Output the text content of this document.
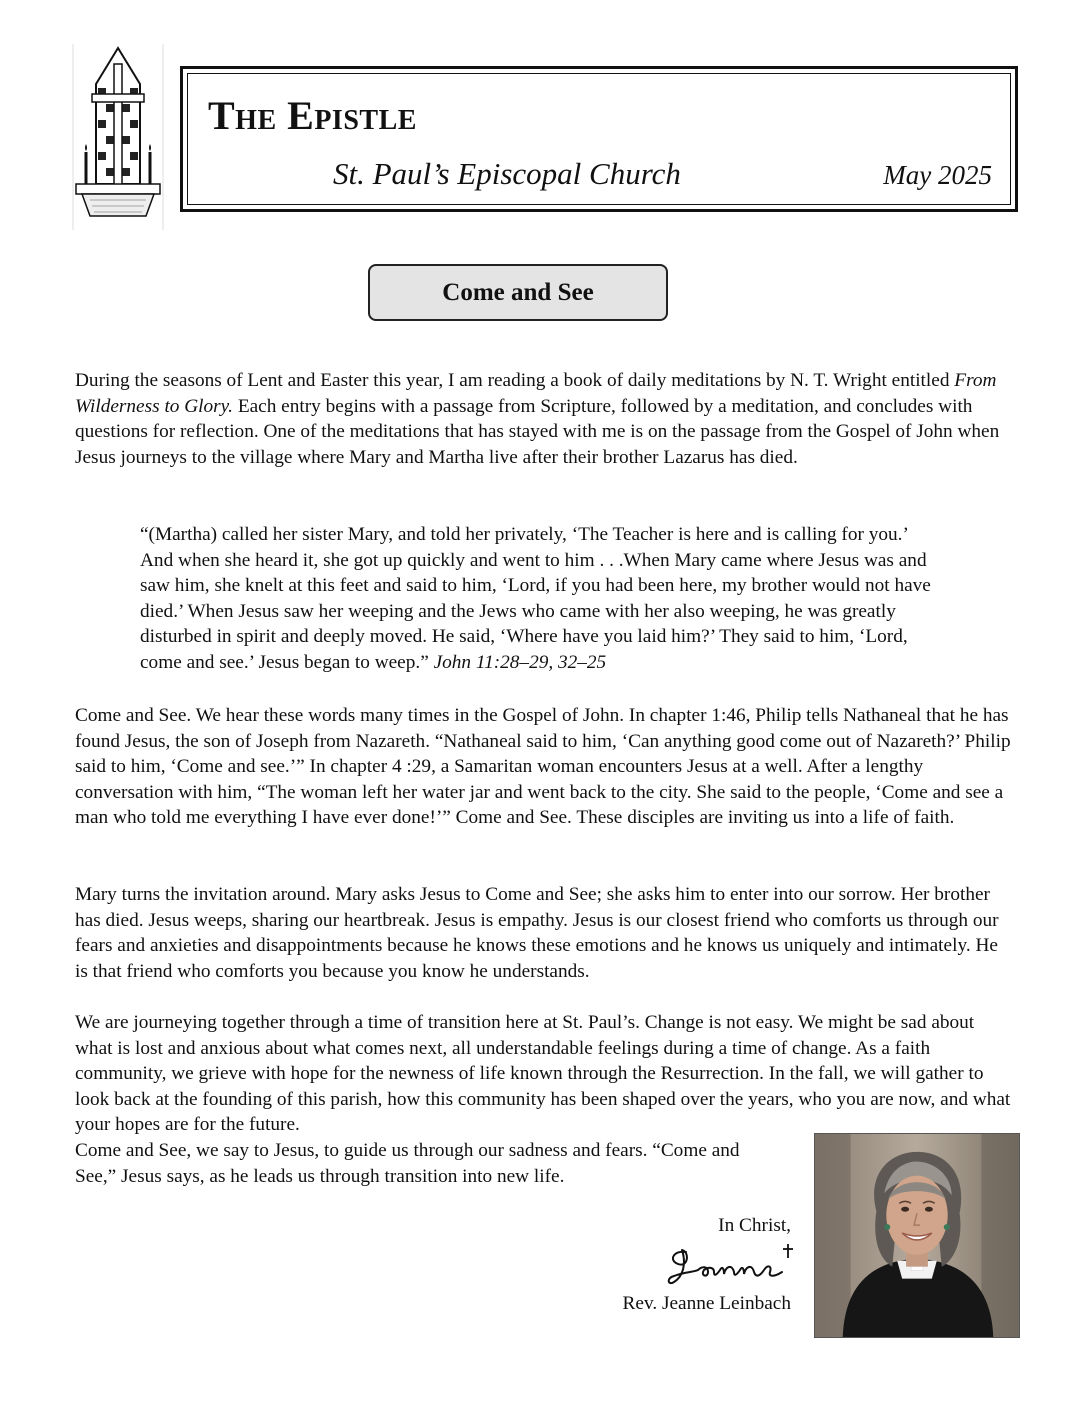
The Epistle
St. Paul’s Episcopal Church	May 2025
Come and See

During the seasons of Lent and Easter this year, I am reading a book of daily meditations by N. T. Wright entitled From Wilderness to Glory. Each entry begins with a passage from Scripture, followed by a meditation, and concludes with questions for reflection. One of the meditations that has stayed with me is on the passage from the Gospel of John when Jesus journeys to the village where Mary and Martha live after their brother Lazarus has died.

“(Martha) called her sister Mary, and told her privately, ‘The Teacher is here and is calling for you.’ And when she heard it, she got up quickly and went to him . . .When Mary came where Jesus was and saw him, she knelt at this feet and said to him, ‘Lord, if you had been here, my brother would not have died.’ When Jesus saw her weeping and the Jews who came with her also weeping, he was greatly disturbed in spirit and deeply moved. He said, ‘Where have you laid him?’ They said to him, ‘Lord, come and see.’ Jesus began to weep.” John 11:28–29, 32–25

Come and See. We hear these words many times in the Gospel of John. In chapter 1:46, Philip tells Nathaneal that he has found Jesus, the son of Joseph from Nazareth. “Nathaneal said to him, ‘Can anything good come out of Nazareth?’ Philip said to him, ‘Come and see.’” In chapter 4 :29, a Samaritan woman encounters Jesus at a well. After a lengthy conversation with him, “The woman left her water jar and went back to the city. She said to the people, ‘Come and see a man who told me everything I have ever done!’” Come and See. These disciples are inviting us into a life of faith.

Mary turns the invitation around. Mary asks Jesus to Come and See; she asks him to enter into our sorrow. Her brother has died. Jesus weeps, sharing our heartbreak. Jesus is empathy. Jesus is our closest friend who comforts us through our fears and anxieties and disappointments because he knows these emotions and he knows us uniquely and intimately. He is that friend who comforts you because you know he understands.

We are journeying together through a time of transition here at St. Paul’s. Change is not easy. We might be sad about what is lost and anxious about what comes next, all understandable feelings during a time of change. As a faith community, we grieve with hope for the newness of life known through the Resurrection. In the fall, we will gather to look back at the founding of this parish, how this community has been shaped over the years, who you are now, and what your hopes are for the future.
Come and See, we say to Jesus, to guide us through our sadness and fears. “Come and See,” Jesus says, as he leads us through transition into new life.

In Christ,
Rev. Jeanne Leinbach
